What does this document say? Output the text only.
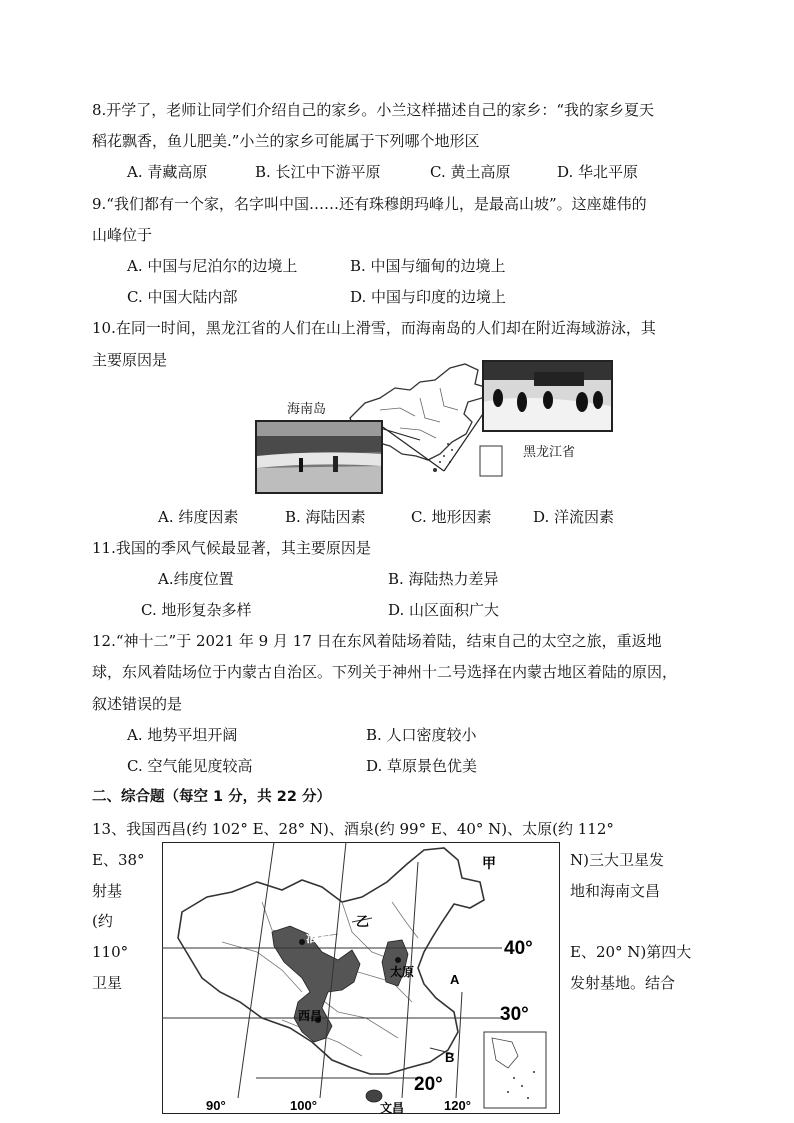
8.开学了，老师让同学们介绍自己的家乡。小兰这样描述自己的家乡：“我的家乡夏天
稻花飘香，鱼儿肥美.”小兰的家乡可能属于下列哪个地形区
A. 青藏高原	B. 长江中下游平原	C. 黄土高原	D. 华北平原
9.“我们都有一个家，名字叫中国……还有珠穆朗玛峰儿，是最高山坡”。这座雄伟的
山峰位于
A. 中国与尼泊尔的边境上	B. 中国与缅甸的边境上
C. 中国大陆内部	D. 中国与印度的边境上
10.在同一时间，黑龙江省的人们在山上滑雪，而海南岛的人们却在附近海域游泳，其
主要原因是
黑龙江省
海南岛
A. 纬度因素	B. 海陆因素	C. 地形因素	D. 洋流因素
11.我国的季风气候最显著，其主要原因是
A.纬度位置	B. 海陆热力差异
C. 地形复杂多样	D. 山区面积广大
12.“神十二”于 2021 年 9 月 17 日在东风着陆场着陆，结束自己的太空之旅，重返地
球，东风着陆场位于内蒙古自治区。下列关于神州十二号选择在内蒙古地区着陆的原因，
叙述错误的是
A. 地势平坦开阔	B. 人口密度较小
C. 空气能见度较高	D. 草原景色优美
二、综合题（每空 1 分，共 22 分）
13、我国西昌(约 102° E、28° N)、酒泉(约 99° E、40° N)、太原(约 112°
E、38°
射基
(约
110°
卫星
N)三大卫星发
地和海南文昌
E、20° N)第四大
发射基地。结合
酒泉
太原
西昌
文昌
甲
乙
A
B
40°
30°
20°
90°	100°	120°
